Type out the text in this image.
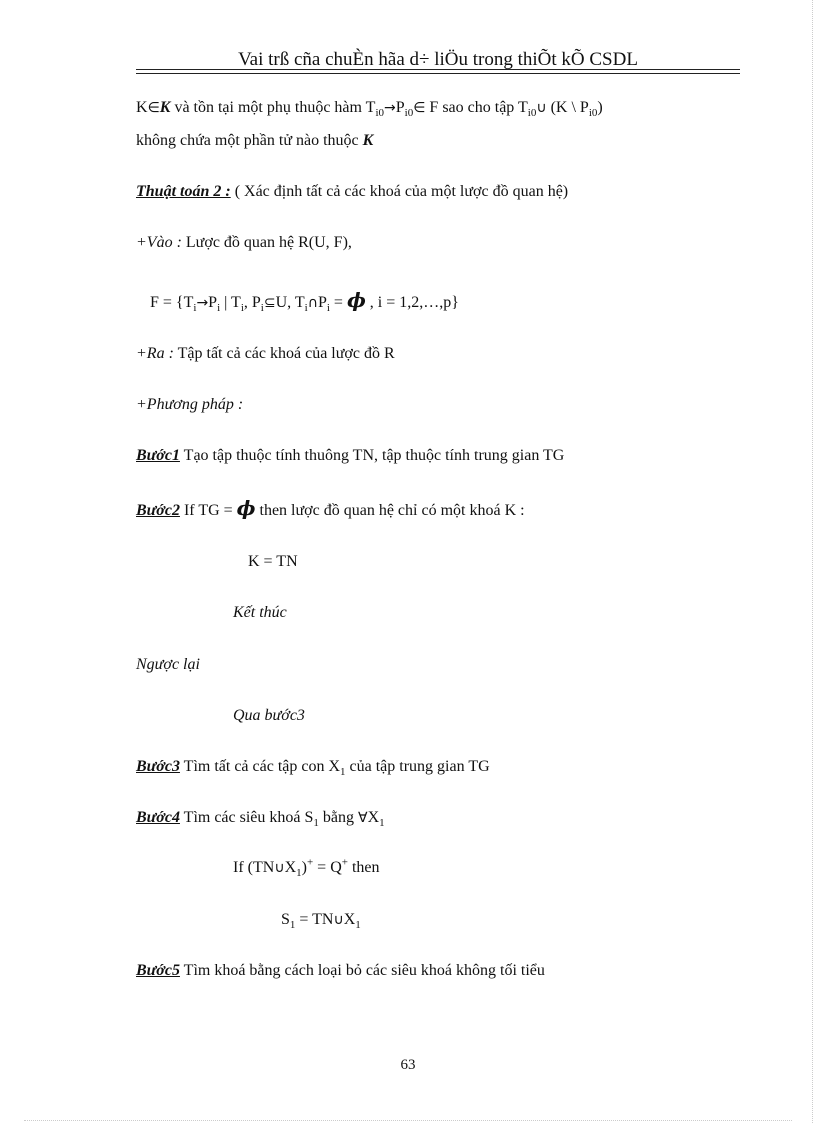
Vai trß cña chuÈn hãa d÷ liÖu trong thiÕt kÕ CSDL
K∈K và tồn tại một phụ thuộc hàm $T_{i0}\to P_{i0}\in$ F sao cho tập $T_{i0}\cup$ (K \ $P_{i0}$)
không chứa một phần tử nào thuộc K
Thuật toán 2 : ( Xác định tất cả các khoá của một lược đồ quan hệ)
+Vào : Lược đồ quan hệ R(U, F),
$F = \{T_i\to P_i$ | $T_i$, $P_i⊆U$, $T_i\cap P_i = \phi$ , i = 1,2,…,p}
+Ra : Tập tất cả các khoá của lược đồ R
+Phương pháp :
Bước1 Tạo tập thuộc tính thuông TN, tập thuộc tính trung gian TG
Bước2 If TG = ϕ then lược đồ quan hệ chỉ có một khoá K :
K = TN
Kết thúc
Ngược lại
Qua bước3
Bước3 Tìm tất cả các tập con $X_1$ của tập trung gian TG
Bước4 Tìm các siêu khoá $S_1$ bằng $\forall X_1$
If $(TN\cup X_1)^+ = Q^+$ then
$S_1$ = $TN\cup X_1$
Bước5 Tìm khoá bằng cách loại bỏ các siêu khoá không tối tiểu
63
